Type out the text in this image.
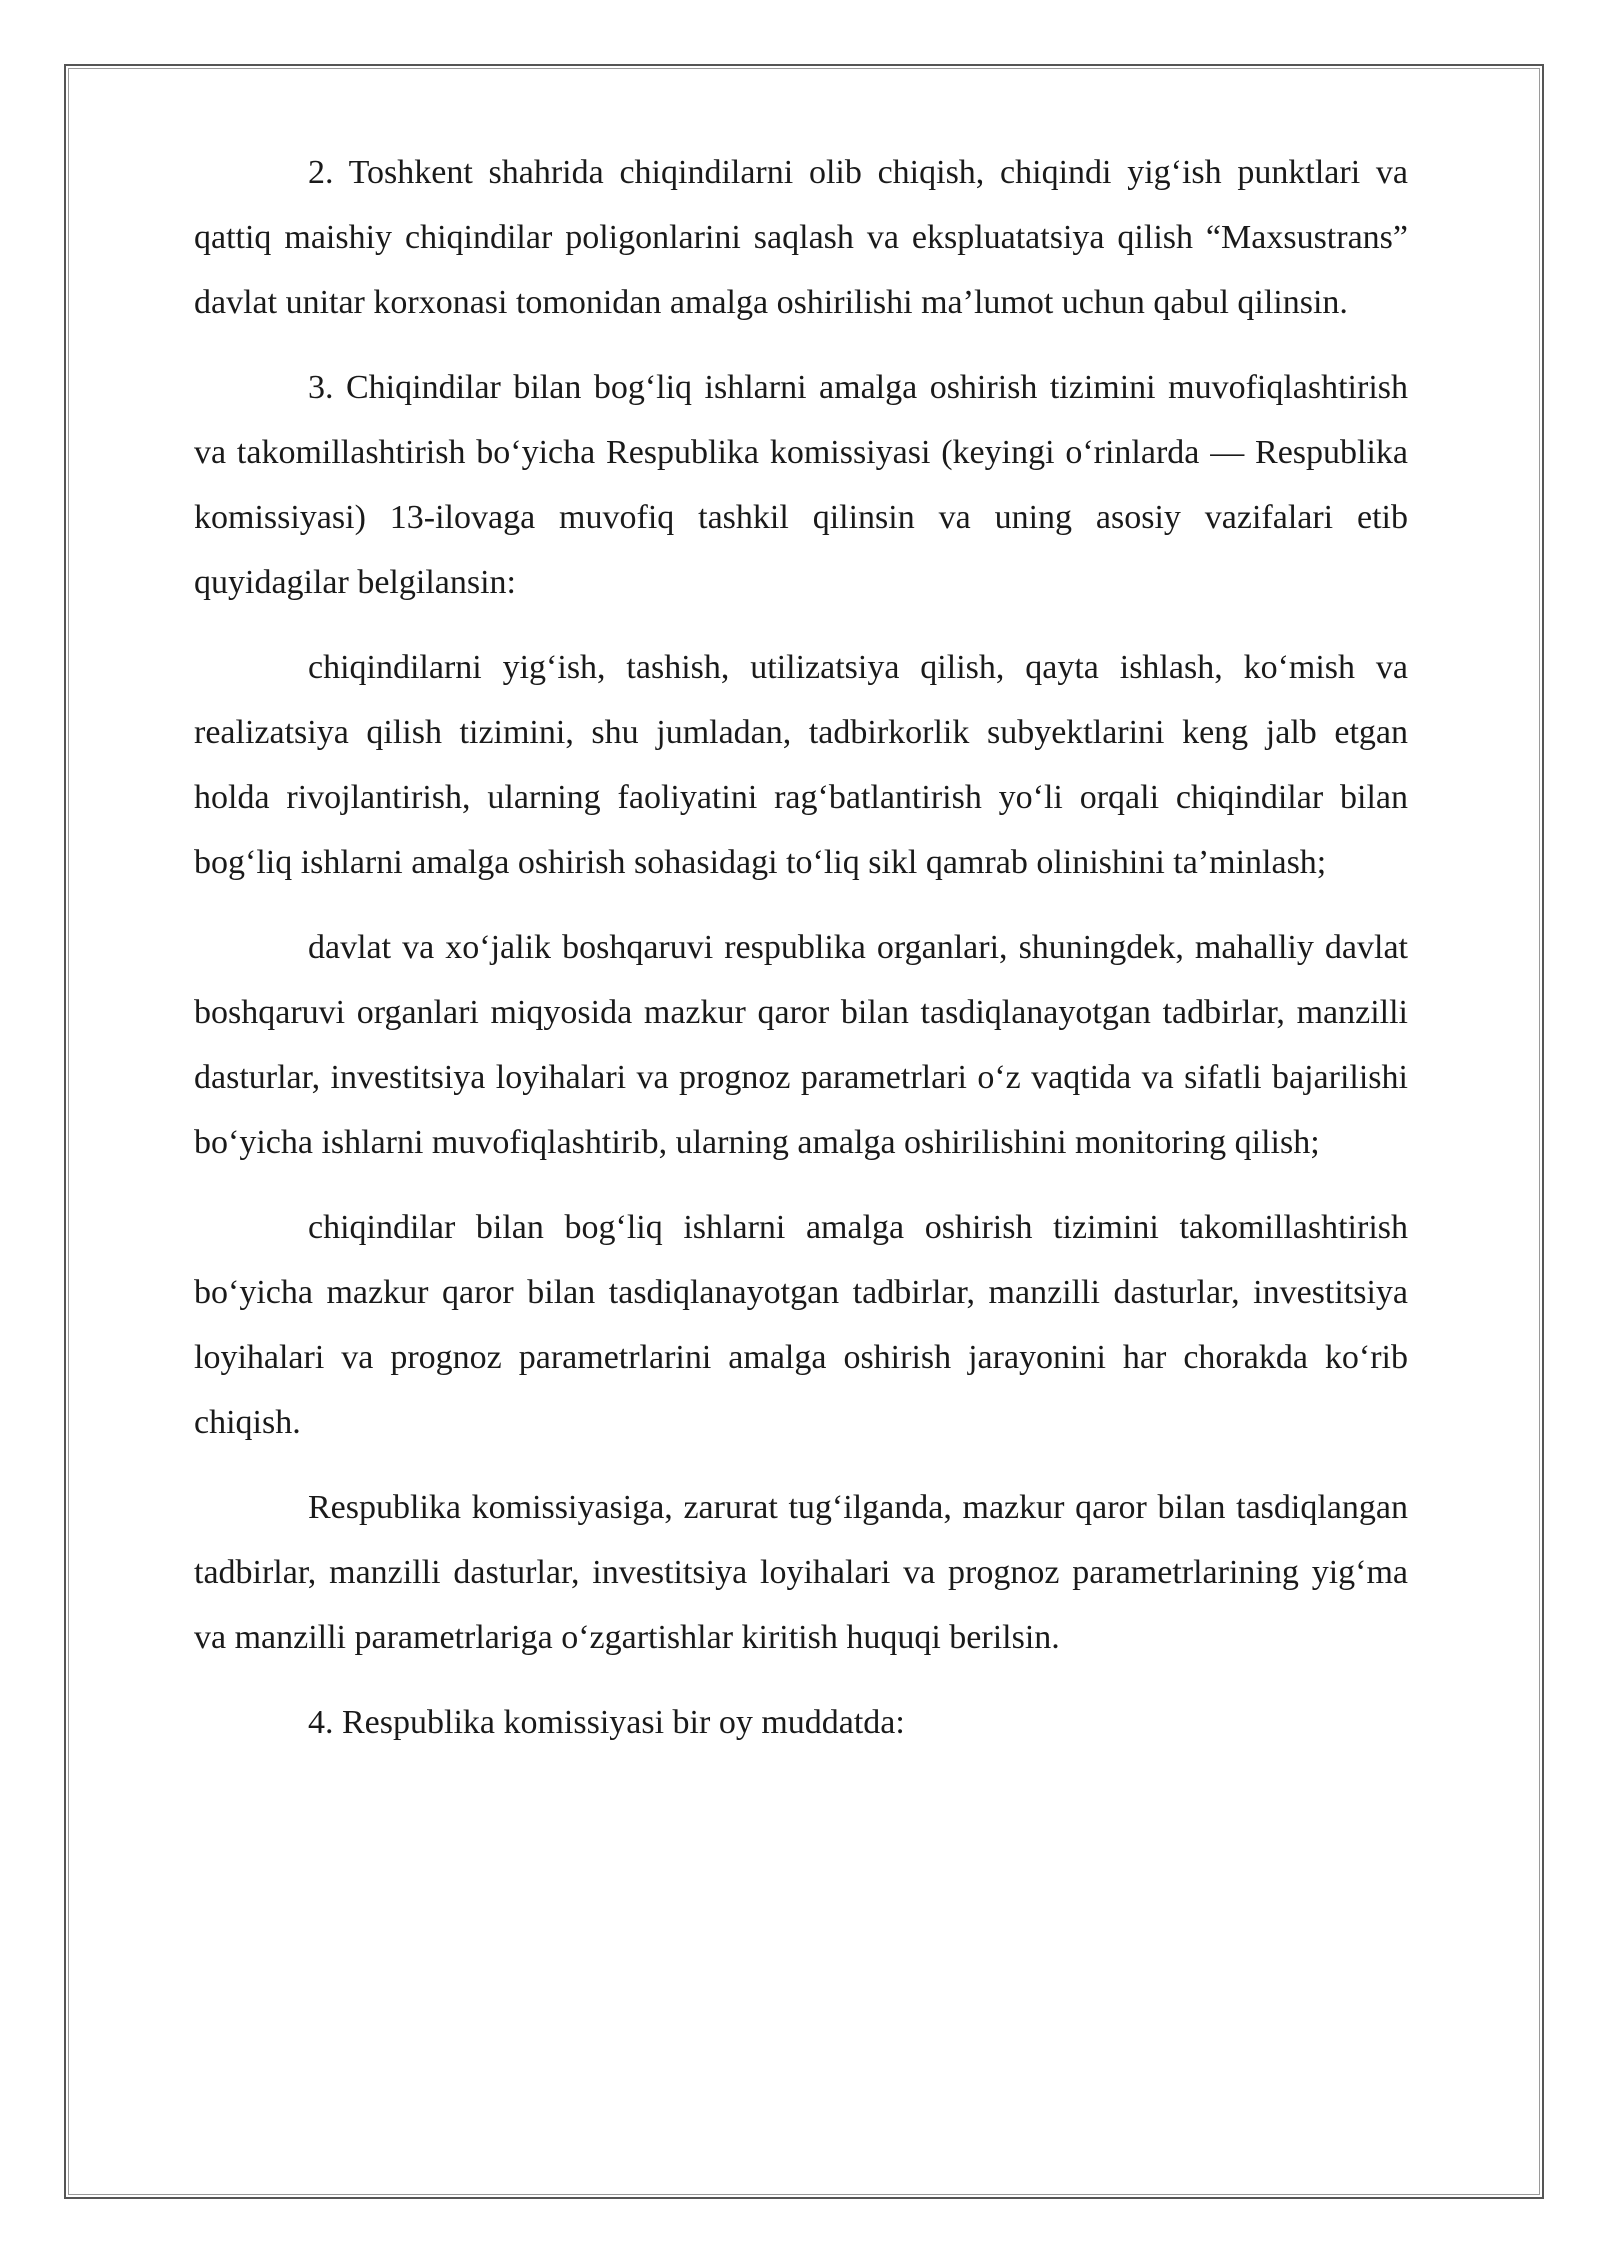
2. Toshkent shahrida chiqindilarni olib chiqish, chiqindi yig‘ish punktlari va qattiq maishiy chiqindilar poligonlarini saqlash va ekspluatatsiya qilish “Maxsustrans” davlat unitar korxonasi tomonidan amalga oshirilishi ma’lumot uchun qabul qilinsin.

3. Chiqindilar bilan bog‘liq ishlarni amalga oshirish tizimini muvofiqlashtirish va takomillashtirish bo‘yicha Respublika komissiyasi (keyingi o‘rinlarda — Respublika komissiyasi) 13-ilovaga muvofiq tashkil qilinsin va uning asosiy vazifalari etib quyidagilar belgilansin:

chiqindilarni yig‘ish, tashish, utilizatsiya qilish, qayta ishlash, ko‘mish va realizatsiya qilish tizimini, shu jumladan, tadbirkorlik subyektlarini keng jalb etgan holda rivojlantirish, ularning faoliyatini rag‘batlantirish yo‘li orqali chiqindilar bilan bog‘liq ishlarni amalga oshirish sohasidagi to‘liq sikl qamrab olinishini ta’minlash;

davlat va xo‘jalik boshqaruvi respublika organlari, shuningdek, mahalliy davlat boshqaruvi organlari miqyosida mazkur qaror bilan tasdiqlanayotgan tadbirlar, manzilli dasturlar, investitsiya loyihalari va prognoz parametrlari o‘z vaqtida va sifatli bajarilishi bo‘yicha ishlarni muvofiqlashtirib, ularning amalga oshirilishini monitoring qilish;

chiqindilar bilan bog‘liq ishlarni amalga oshirish tizimini takomillashtirish bo‘yicha mazkur qaror bilan tasdiqlanayotgan tadbirlar, manzilli dasturlar, investitsiya loyihalari va prognoz parametrlarini amalga oshirish jarayonini har chorakda ko‘rib chiqish.

Respublika komissiyasiga, zarurat tug‘ilganda, mazkur qaror bilan tasdiqlangan tadbirlar, manzilli dasturlar, investitsiya loyihalari va prognoz parametrlarining yig‘ma va manzilli parametrlariga o‘zgartishlar kiritish huquqi berilsin.

4. Respublika komissiyasi bir oy muddatda:
